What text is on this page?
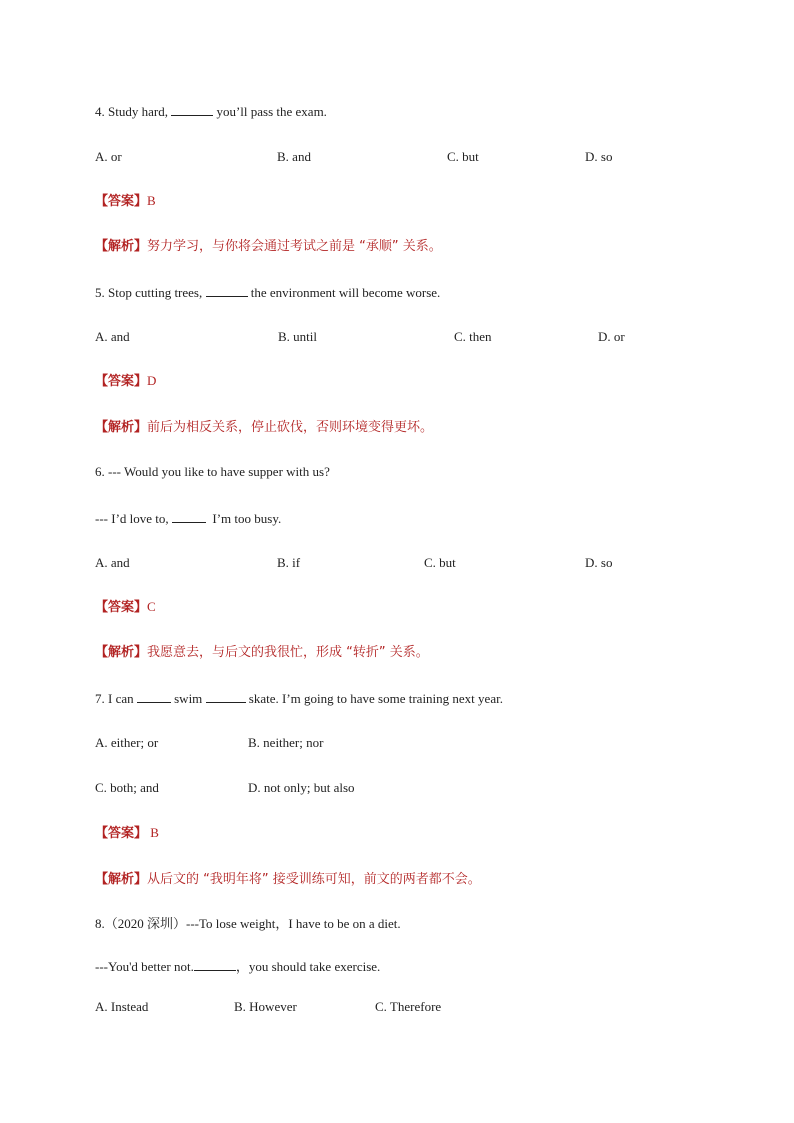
4. Study hard,	you’ll pass the exam.
A. or	B. and	C. but	D. so
【答案】B
【解析】努力学习，与你将会通过考试之前是 “承顺” 关系。
5. Stop cutting trees,	the environment will become worse.
A. and	B. until	C. then	D. or
【答案】D
【解析】前后为相反关系，停止砍伐，否则环境变得更坏。
6. --- Would you like to have supper with us?
--- I’d love to,	I’m too busy.
A. and	B. if	C. but	D. so
【答案】C
【解析】我愿意去，与后文的我很忙，形成 “转折” 关系。
7. I can	swim	skate. I’m going to have some training next year.
A. either; or	B. neither; nor
C. both; and	D. not only; but also
【答案】 B
【解析】从后文的 “我明年将” 接受训练可知，前文的两者都不会。
8.（2020 深圳）---To lose weight，I have to be on a diet.
---You'd better not.	，you should take exercise.
A. Instead	B. However	C. Therefore
